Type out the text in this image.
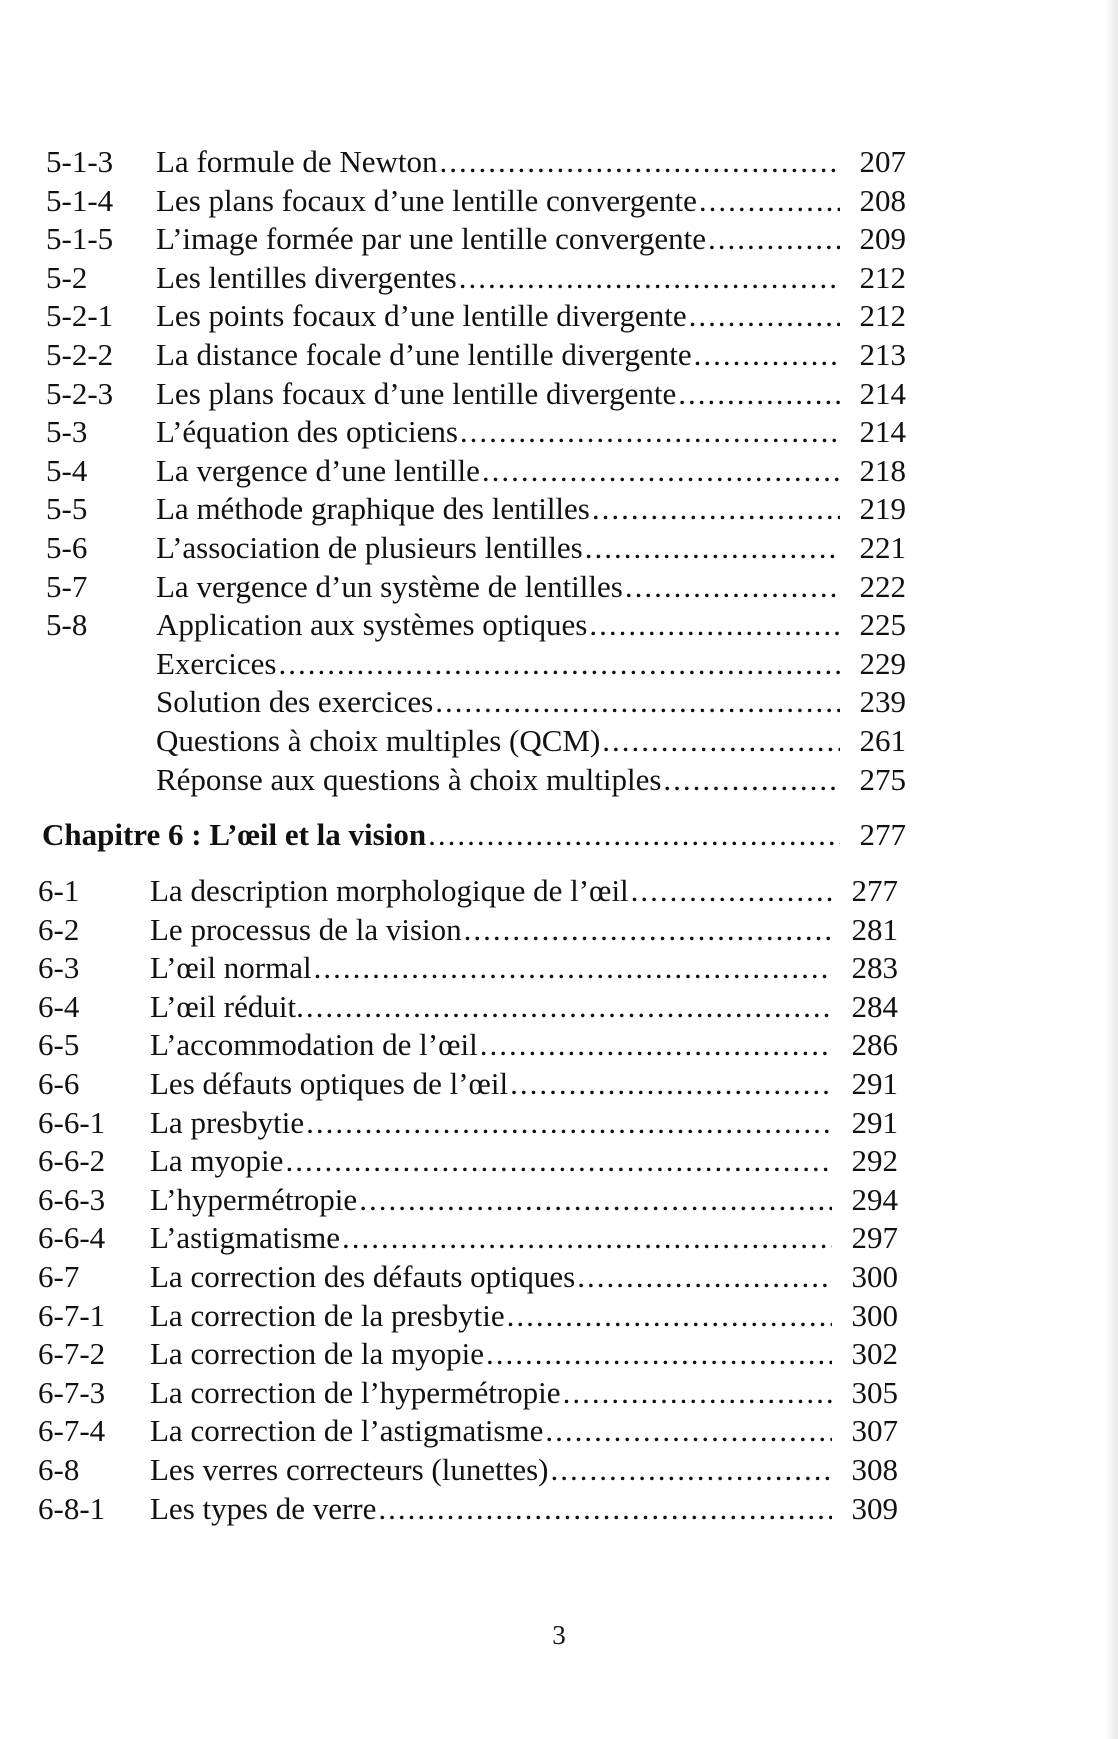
5-1-3 La formule de Newton .....	207
5-1-4 Les plans focaux d’une lentille convergente .....	208
5-1-5 L’image formée par une lentille convergente .....	209
5-2 Les lentilles divergentes .....	212
5-2-1 Les points focaux d’une lentille divergente .....	212
5-2-2 La distance focale d’une lentille divergente .....	213
5-2-3 Les plans focaux d’une lentille divergente .....	214
5-3 L’équation des opticiens .....	214
5-4 La vergence d’une lentille .....	218
5-5 La méthode graphique des lentilles .....	219
5-6 L’association de plusieurs lentilles .....	221
5-7 La vergence d’un système de lentilles .....	222
5-8 Application aux systèmes optiques .....	225
Exercices .....	229
Solution des exercices .....	239
Questions à choix multiples (QCM) .....	261
Réponse aux questions à choix multiples .....	275
Chapitre 6 : L’œil et la vision .....	277
6-1 La description morphologique de l’œil .....	277
6-2 Le processus de la vision .....	281
6-3 L’œil normal .....	283
6-4 L’œil réduit. .....	284
6-5 L’accommodation de l’œil .....	286
6-6 Les défauts optiques de l’œil .....	291
6-6-1 La presbytie .....	291
6-6-2 La myopie .....	292
6-6-3 L’hypermétropie .....	294
6-6-4 L’astigmatisme .....	297
6-7 La correction des défauts optiques .....	300
6-7-1 La correction de la presbytie .....	300
6-7-2 La correction de la myopie .....	302
6-7-3 La correction de l’hypermétropie .....	305
6-7-4 La correction de l’astigmatisme .....	307
6-8 Les verres correcteurs (lunettes) .....	308
6-8-1 Les types de verre .....	309
3
